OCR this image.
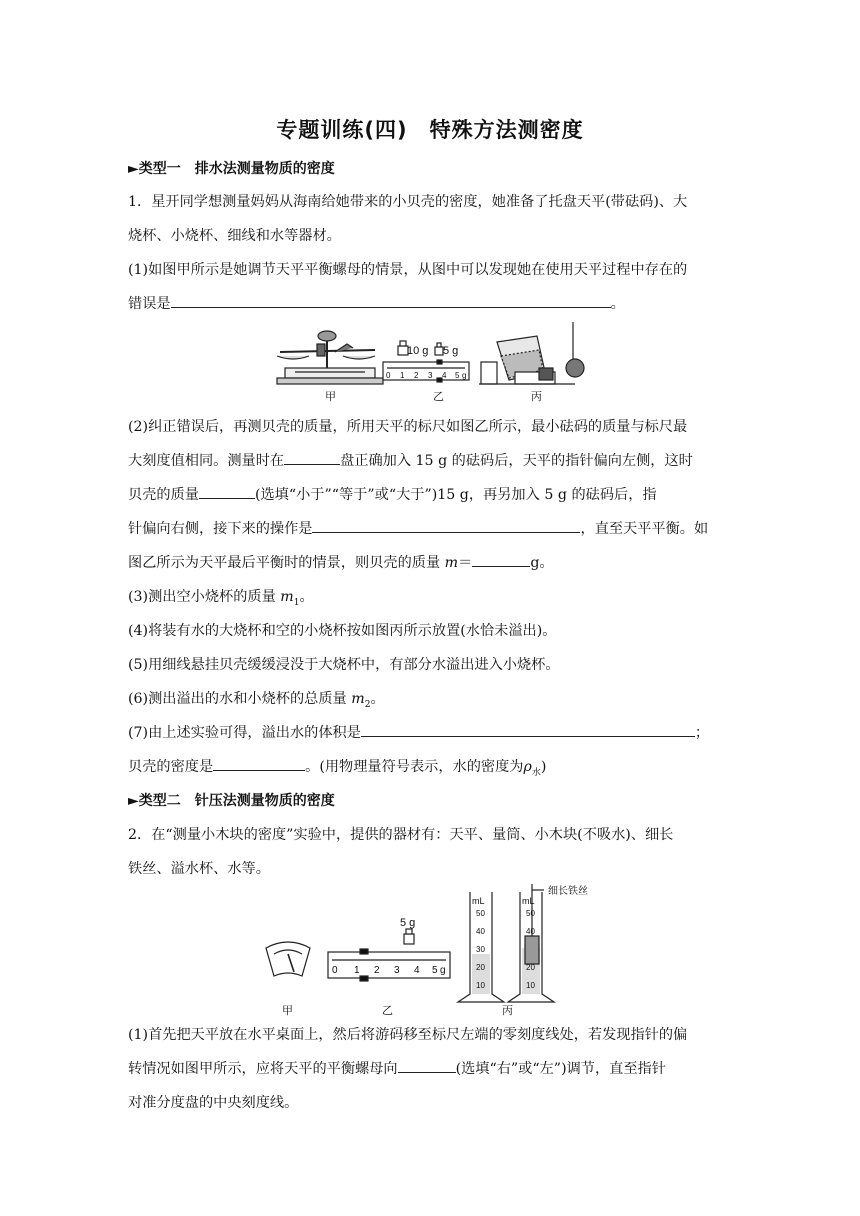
专题训练(四)　特殊方法测密度
►类型一　排水法测量物质的密度
1．星开同学想测量妈妈从海南给她带来的小贝壳的密度，她准备了托盘天平(带砝码)、大
烧杯、小烧杯、细线和水等器材。
(1)如图甲所示是她调节天平平衡螺母的情景，从图中可以发现她在使用天平过程中存在的
错误是	。
10 g 5 g
0 1 2 3 4 5 g
甲	乙	丙
(2)纠正错误后，再测贝壳的质量，所用天平的标尺如图乙所示，最小砝码的质量与标尺最
大刻度值相同。测量时在	盘正确加入 15 g 的砝码后，天平的指针偏向左侧，这时
贝壳的质量	(选填“小于”“等于”或“大于”)15 g，再另加入 5 g 的砝码后，指
针偏向右侧，接下来的操作是	，直至天平平衡。如
图乙所示为天平最后平衡时的情景，则贝壳的质量 m＝	g。
(3)测出空小烧杯的质量 $m_1$。
(4)将装有水的大烧杯和空的小烧杯按如图丙所示放置(水恰未溢出)。
(5)用细线悬挂贝壳缓缓浸没于大烧杯中，有部分水溢出进入小烧杯。
(6)测出溢出的水和小烧杯的总质量 $m_2$。
(7)由上述实验可得，溢出水的体积是	；
贝壳的密度是	。(用物理量符号表示，水的密度为$\rho_水$)
►类型二　针压法测量物质的密度
2．在“测量小木块的密度”实验中，提供的器材有：天平、量筒、小木块(不吸水)、细长
铁丝、溢水杯、水等。
5 g
0 1 2 3 4 5 g
mL
50
40
30
20
10
mL
50
40
20
10
细长铁丝
甲	乙	丙
(1)首先把天平放在水平桌面上，然后将游码移至标尺左端的零刻度线处，若发现指针的偏
转情况如图甲所示，应将天平的平衡螺母向	(选填“右”或“左”)调节，直至指针
对准分度盘的中央刻度线。
